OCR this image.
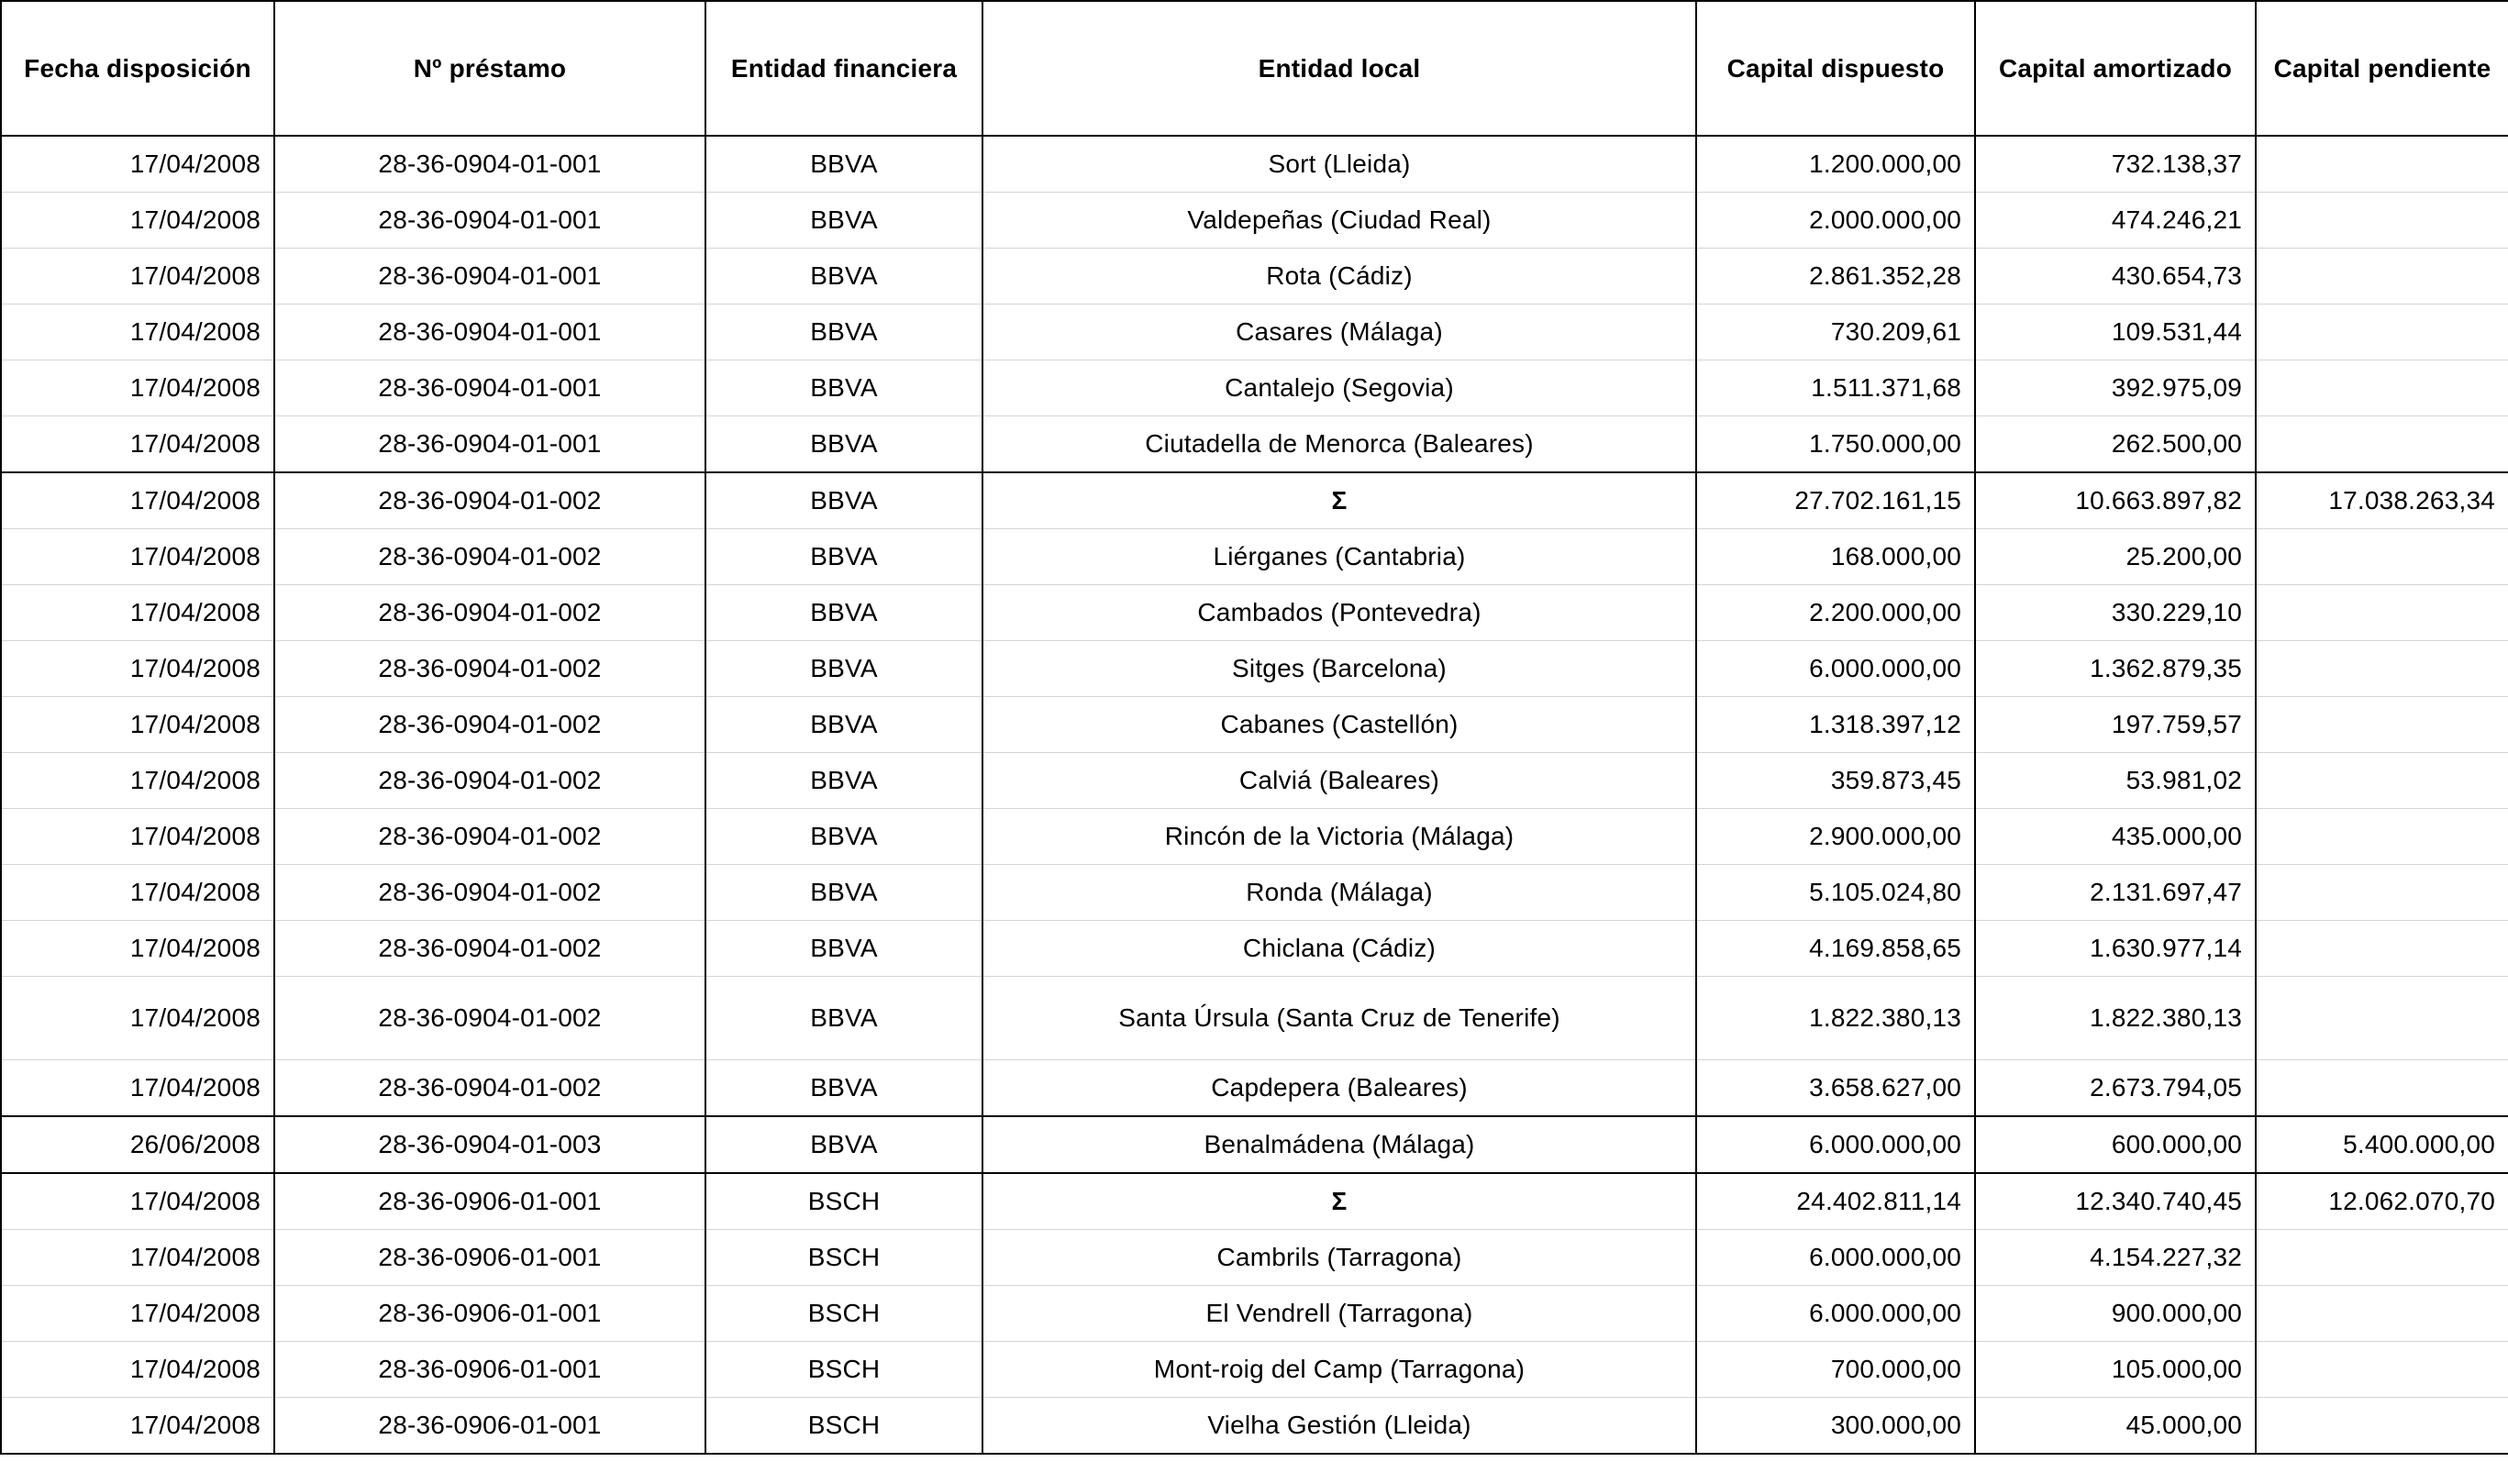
Fecha disposición	Nº préstamo	Entidad financiera	Entidad local	Capital dispuesto	Capital amortizado	Capital pendiente
17/04/2008	28-36-0904-01-001	BBVA	Sort (Lleida)	1.200.000,00	732.138,37	
17/04/2008	28-36-0904-01-001	BBVA	Valdepeñas (Ciudad Real)	2.000.000,00	474.246,21	
17/04/2008	28-36-0904-01-001	BBVA	Rota (Cádiz)	2.861.352,28	430.654,73	
17/04/2008	28-36-0904-01-001	BBVA	Casares (Málaga)	730.209,61	109.531,44	
17/04/2008	28-36-0904-01-001	BBVA	Cantalejo (Segovia)	1.511.371,68	392.975,09	
17/04/2008	28-36-0904-01-001	BBVA	Ciutadella de Menorca (Baleares)	1.750.000,00	262.500,00	
17/04/2008	28-36-0904-01-002	BBVA	Σ	27.702.161,15	10.663.897,82	17.038.263,34
17/04/2008	28-36-0904-01-002	BBVA	Liérganes (Cantabria)	168.000,00	25.200,00	
17/04/2008	28-36-0904-01-002	BBVA	Cambados (Pontevedra)	2.200.000,00	330.229,10	
17/04/2008	28-36-0904-01-002	BBVA	Sitges (Barcelona)	6.000.000,00	1.362.879,35	
17/04/2008	28-36-0904-01-002	BBVA	Cabanes (Castellón)	1.318.397,12	197.759,57	
17/04/2008	28-36-0904-01-002	BBVA	Calviá (Baleares)	359.873,45	53.981,02	
17/04/2008	28-36-0904-01-002	BBVA	Rincón de la Victoria (Málaga)	2.900.000,00	435.000,00	
17/04/2008	28-36-0904-01-002	BBVA	Ronda (Málaga)	5.105.024,80	2.131.697,47	
17/04/2008	28-36-0904-01-002	BBVA	Chiclana (Cádiz)	4.169.858,65	1.630.977,14	
17/04/2008	28-36-0904-01-002	BBVA	Santa Úrsula (Santa Cruz de Tenerife)	1.822.380,13	1.822.380,13	
17/04/2008	28-36-0904-01-002	BBVA	Capdepera (Baleares)	3.658.627,00	2.673.794,05	
26/06/2008	28-36-0904-01-003	BBVA	Benalmádena (Málaga)	6.000.000,00	600.000,00	5.400.000,00
17/04/2008	28-36-0906-01-001	BSCH	Σ	24.402.811,14	12.340.740,45	12.062.070,70
17/04/2008	28-36-0906-01-001	BSCH	Cambrils (Tarragona)	6.000.000,00	4.154.227,32	
17/04/2008	28-36-0906-01-001	BSCH	El Vendrell (Tarragona)	6.000.000,00	900.000,00	
17/04/2008	28-36-0906-01-001	BSCH	Mont-roig del Camp (Tarragona)	700.000,00	105.000,00	
17/04/2008	28-36-0906-01-001	BSCH	Vielha Gestión (Lleida)	300.000,00	45.000,00	
